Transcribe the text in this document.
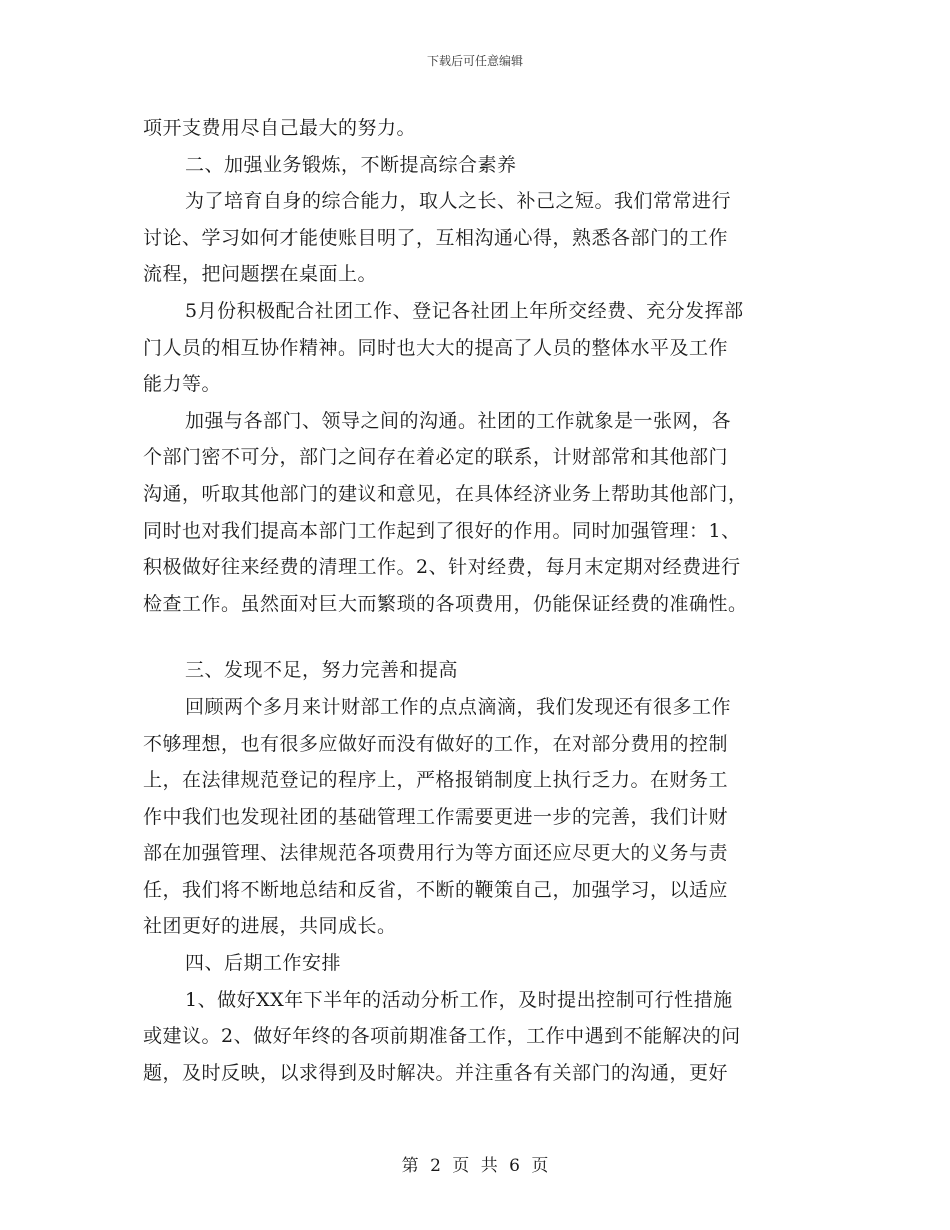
下载后可任意编辑
项开支费用尽自己最大的努力。
二、加强业务锻炼，不断提高综合素养
为了培育自身的综合能力，取人之长、补己之短。我们常常进行
讨论、学习如何才能使账目明了，互相沟通心得，熟悉各部门的工作
流程，把问题摆在桌面上。
5月份积极配合社团工作、登记各社团上年所交经费、充分发挥部
门人员的相互协作精神。同时也大大的提高了人员的整体水平及工作
能力等。
加强与各部门、领导之间的沟通。社团的工作就象是一张网，各
个部门密不可分，部门之间存在着必定的联系，计财部常和其他部门
沟通，听取其他部门的建议和意见，在具体经济业务上帮助其他部门，
同时也对我们提高本部门工作起到了很好的作用。同时加强管理：1、
积极做好往来经费的清理工作。2、针对经费，每月末定期对经费进行
检查工作。虽然面对巨大而繁琐的各项费用，仍能保证经费的准确性。
三、发现不足，努力完善和提高
回顾两个多月来计财部工作的点点滴滴，我们发现还有很多工作
不够理想，也有很多应做好而没有做好的工作，在对部分费用的控制
上，在法律规范登记的程序上，严格报销制度上执行乏力。在财务工
作中我们也发现社团的基础管理工作需要更进一步的完善，我们计财
部在加强管理、法律规范各项费用行为等方面还应尽更大的义务与责
任，我们将不断地总结和反省，不断的鞭策自己，加强学习，以适应
社团更好的进展，共同成长。
四、后期工作安排
1、做好XX年下半年的活动分析工作，及时提出控制可行性措施
或建议。2、做好年终的各项前期准备工作，工作中遇到不能解决的问
题，及时反映，以求得到及时解决。并注重各有关部门的沟通，更好
第 2 页 共 6 页
